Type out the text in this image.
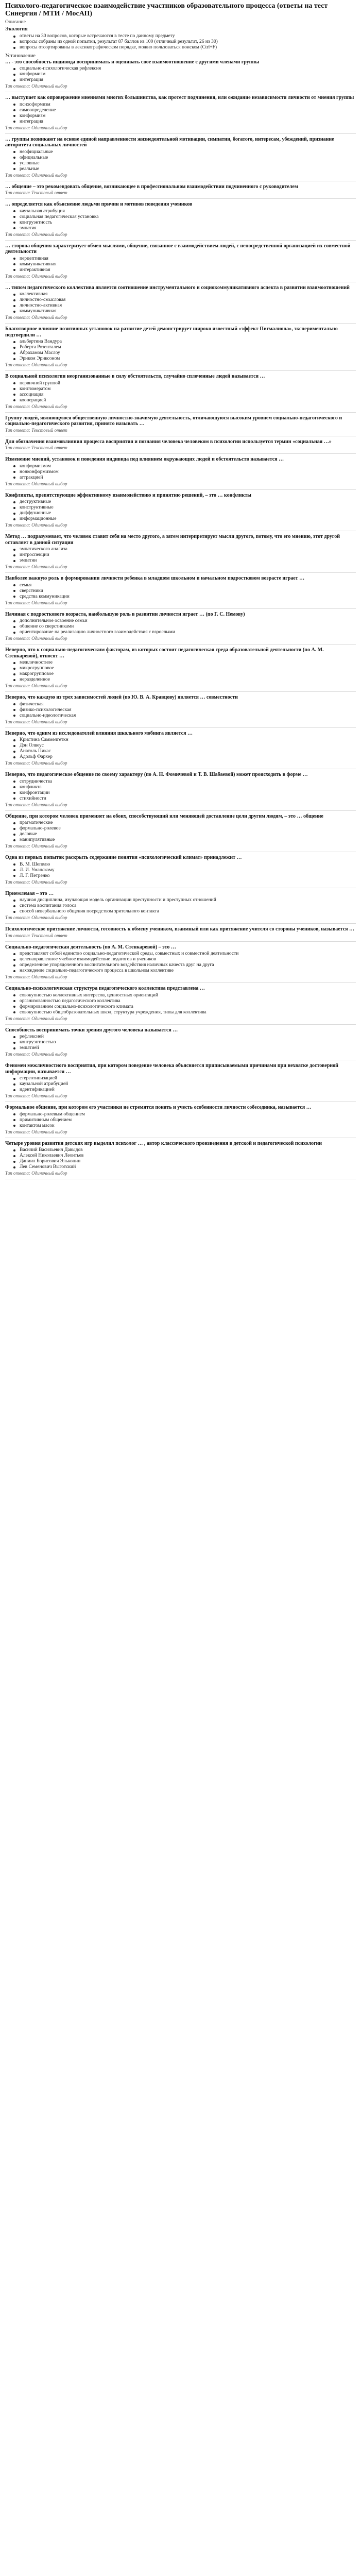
Психолого-педагогическое взаимодействие участников образовательного процесса (ответы на тест Синергия / МТИ / МосАП)

Описание

Экология

ответы на 30 вопросов, которые встречаются в тесте по данному предмету
вопросы собраны из одной попытки, результат 87 баллов из 100 (отличный результат, 26 из 30)
вопросы отсортированы в лексикографическом порядке, можно пользоваться поиском (Ctrl+F)

Установление
… - это способность индивида воспринимать и оценивать свое взаимоотношение с другими членами группы

социально-психологическая рефлексия
конформизм
интеграция

Тип ответа: Одиночный выбор

… выступает как опровержение мнениями многих большинства, как протест подчинения, или ожидание независимости личности от мнения группы

психоформизм
самоопределение
конформизм
интеграция

Тип ответа: Одиночный выбор

… группы возникают на основе единой направленности жизнедеятельной мотивации, симпатии, богатого, интересам, убеждений, признание авторитета социальных личностей

неофициальные
официальные
условные
реальные

Тип ответа: Одиночный выбор

… общение – это рекомендовать общение, возникающее в профессиональном взаимодействии подчиненного с руководителем

Тип ответа: Текстовый ответ

… определяется как объяснение людьми причин и мотивов поведения учеников

каузальная атрибуция
социальная педагогическая установка
конгруэнтность
эмпатия

Тип ответа: Одиночный выбор

… сторона общения характеризует обмен мыслями, общение, связанное с взаимодействием людей, с непосредственной организацией их совместной деятельности

перцептивная
коммуникативная
интерактивная

Тип ответа: Одиночный выбор

… типом педагогического коллектива является соотношение инструментального и социокоммуникативного аспекта в развитии взаимоотношений

коллективная
личностно-смысловая
личностно-активная
коммуникативная

Тип ответа: Одиночный выбор

Благотворное влияние позитивных установок на развитие детей демонстрирует широко известный «эффект Пигмалиона», экспериментально подтвердили …

альбертина Вандура
Роберта Розенталем
Абрахамом Маслоу
Эриком Эриксоном

Тип ответа: Одиночный выбор

В социальной психологии неорганизованные в силу обстоятельств, случайно сплоченные людей называется …

первичной группой
конгломератом
ассоциация
кооперацией

Тип ответа: Одиночный выбор

Группу людей, являющуюся общественную личностно-значимую деятельность, отличающуюся высоким уровнем социально-педагогического и социально-педагогического развития, принято называть …

Тип ответа: Текстовый ответ

Для обозначения взаимовлияния процесса восприятия и познания человека человеком в психологии используется термин «социальная …»

Тип ответа: Текстовый ответ

Изменение мнений, установок и поведения индивида под влиянием окружающих людей и обстоятельств называется …

конформизмом
нонконформизмом
аттракцией

Тип ответа: Одиночный выбор

Конфликты, препятствующие эффективному взаимодействию и принятию решений, – это … конфликты

деструктивные
конструктивные
диффузионные
информационные

Тип ответа: Одиночный выбор

Метод … подразумевает, что человек ставит себя на место другого, а затем интерпретирует мысли другого, потому, что его мнению, этот другой оставляет в данной ситуации

эмпатического анализа
интроспекции
эмпатии

Тип ответа: Одиночный выбор

Наиболее важную роль в формировании личности ребенка в младшем школьном и начальном подростковом возрасте играет …

семья
сверстники
средства коммуникации

Тип ответа: Одиночный выбор

Начиная с подросткового возраста, наибольшую роль в развитии личности играет … (по Г. С. Немову)

дополнительное освоение семьи
общение со сверстниками
ориентирование на реализацию личностного взаимодействия с взрослыми

Тип ответа: Одиночный выбор

Неверно, что к социально-педагогическим факторам, из которых состоит педагогическая среда образовательной деятельности (по А. М. Стенкаревой), относят …

межличностное
микрогрупповое
макрогрупповое
неразделенное

Тип ответа: Одиночный выбор

Неверно, что каждую из трех зависимостей людей (по Ю. В. А. Кравцову) является … совместности

физическая
физико-психологическая
социально-идеологическая

Тип ответа: Одиночный выбор

Неверно, что одним из исследователей влияния школьного мобинга является …

Кристина Саммелгеткн
Дэн Олвеус
Анатоль Пикас
Адольф Фархер

Тип ответа: Одиночный выбор

Неверно, что педагогическое общение по своему характеру (по А. Н. Фомичевой и Т. В. Шабаевой) может происходить в форме …

сотрудничества
конфликта
конфронтации
стихийности

Тип ответа: Одиночный выбор

Общение, при котором человек применяет на обоих, способствующий или меняющей доставление цели другим людям, – это … общение

прагматические
формально-ролевое
деловые
манипулятивные

Тип ответа: Одиночный выбор

Одна из первых попыток раскрыть содержание понятия «психологический климат» принадлежит …

В. М. Шепелю
Л. И. Уманскому
Л. Г. Петренко

Тип ответа: Одиночный выбор

Приемлемая – это …

научная дисциплина, изучающая модель организации преступности и преступных отношений
система воспитания голоса
способ невербального общения посредством зрительного контакта

Тип ответа: Одиночный выбор

Психологическое притяжение личности, готовность к обмену учеником, взаимный или как притяжение учителя со стороны учеников, называется …

Тип ответа: Текстовый ответ

Социально-педагогическая деятельность (по А. М. Стенкаревой) – это …

представляют собой единство социально-педагогической среды, совместных и совместной деятельности
целенаправленное учебное взаимодействие педагогов и учеников
определенное упорядоченного воспитательного воздействия наличных качеств друг на друга
нахождение социально-педагогического процесса в школьном коллективе

Тип ответа: Одиночный выбор

Социально-психологическая структура педагогического коллектива представлена …

совокупностью коллективных интересов, ценностных ориентаций
организованностью педагогического коллектива
формированием социально-психологического климата
совокупностью общеобразовательных школ, структура учреждения, типы для коллектива

Тип ответа: Одиночный выбор

Способность воспринимать точки зрения другого человека называется …

рефлексией
конгруэнтностью
эмпатией

Тип ответа: Одиночный выбор

Феномен межличностного восприятия, при котором поведение человека объясняется приписываемыми причинами при нехватке достоверной информации, называется …

стереотипизацией
каузальной атрибуцией
идентификацией

Тип ответа: Одиночный выбор

Формальное общение, при котором его участники не стремятся понять и учесть особенности личности собеседника, называется …

формально-ролевым общением
примитивным общением
контактом масок

Тип ответа: Одиночный выбор

Четыре уровня развития детских игр выделил психолог … , автор классического произведения в детской и педагогической психологии

Василий Васильевич Давыдов
Алексей Николаевич Леонтьев
Даниил Борисович Эльконин
Лев Семенович Выготский

Тип ответа: Одиночный выбор
